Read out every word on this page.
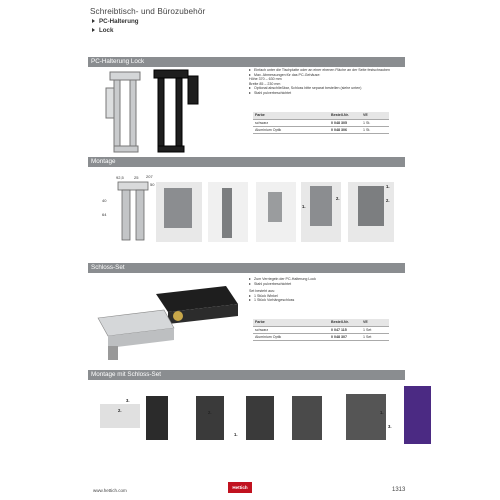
Schreibtisch- und Bürozubehör
PC-Halterung
Lock
PC-Halterung Lock
Einfach unter die Tischplatte oder an einer ebenen Fläche an der Seite festschrauben
Max. Abmessungen für das PC-Gehäuse:
Höhe 370 – 630 mm
Breite 85 – 230 mm
Optional abschließbar, Schloss bitte separat bestellen (siehe unten)
Stahl pulverbeschichtet
Farbe	Bestell-Nr.	VE
schwarz	0 048 305	1 St.
Aluminium Optik	0 048 306	1 St.
Montage
92,5	25 207
50
40
64
1.
2.
1.
2.
Schloss-Set
Zum Verriegeln der PC-Halterung Lock
Stahl pulverbeschichtet
Set besteht aus:
1 Stück Winkel
1 Stück Vorhängeschloss
Farbe	Bestell-Nr.	VE
schwarz	0 047 115	1 Set
Aluminium Optik	0 048 307	1 Set
Montage mit Schloss-Set
3.
2.
1.
2.	1.
3.
www.hettich.com
Hettich	1313
